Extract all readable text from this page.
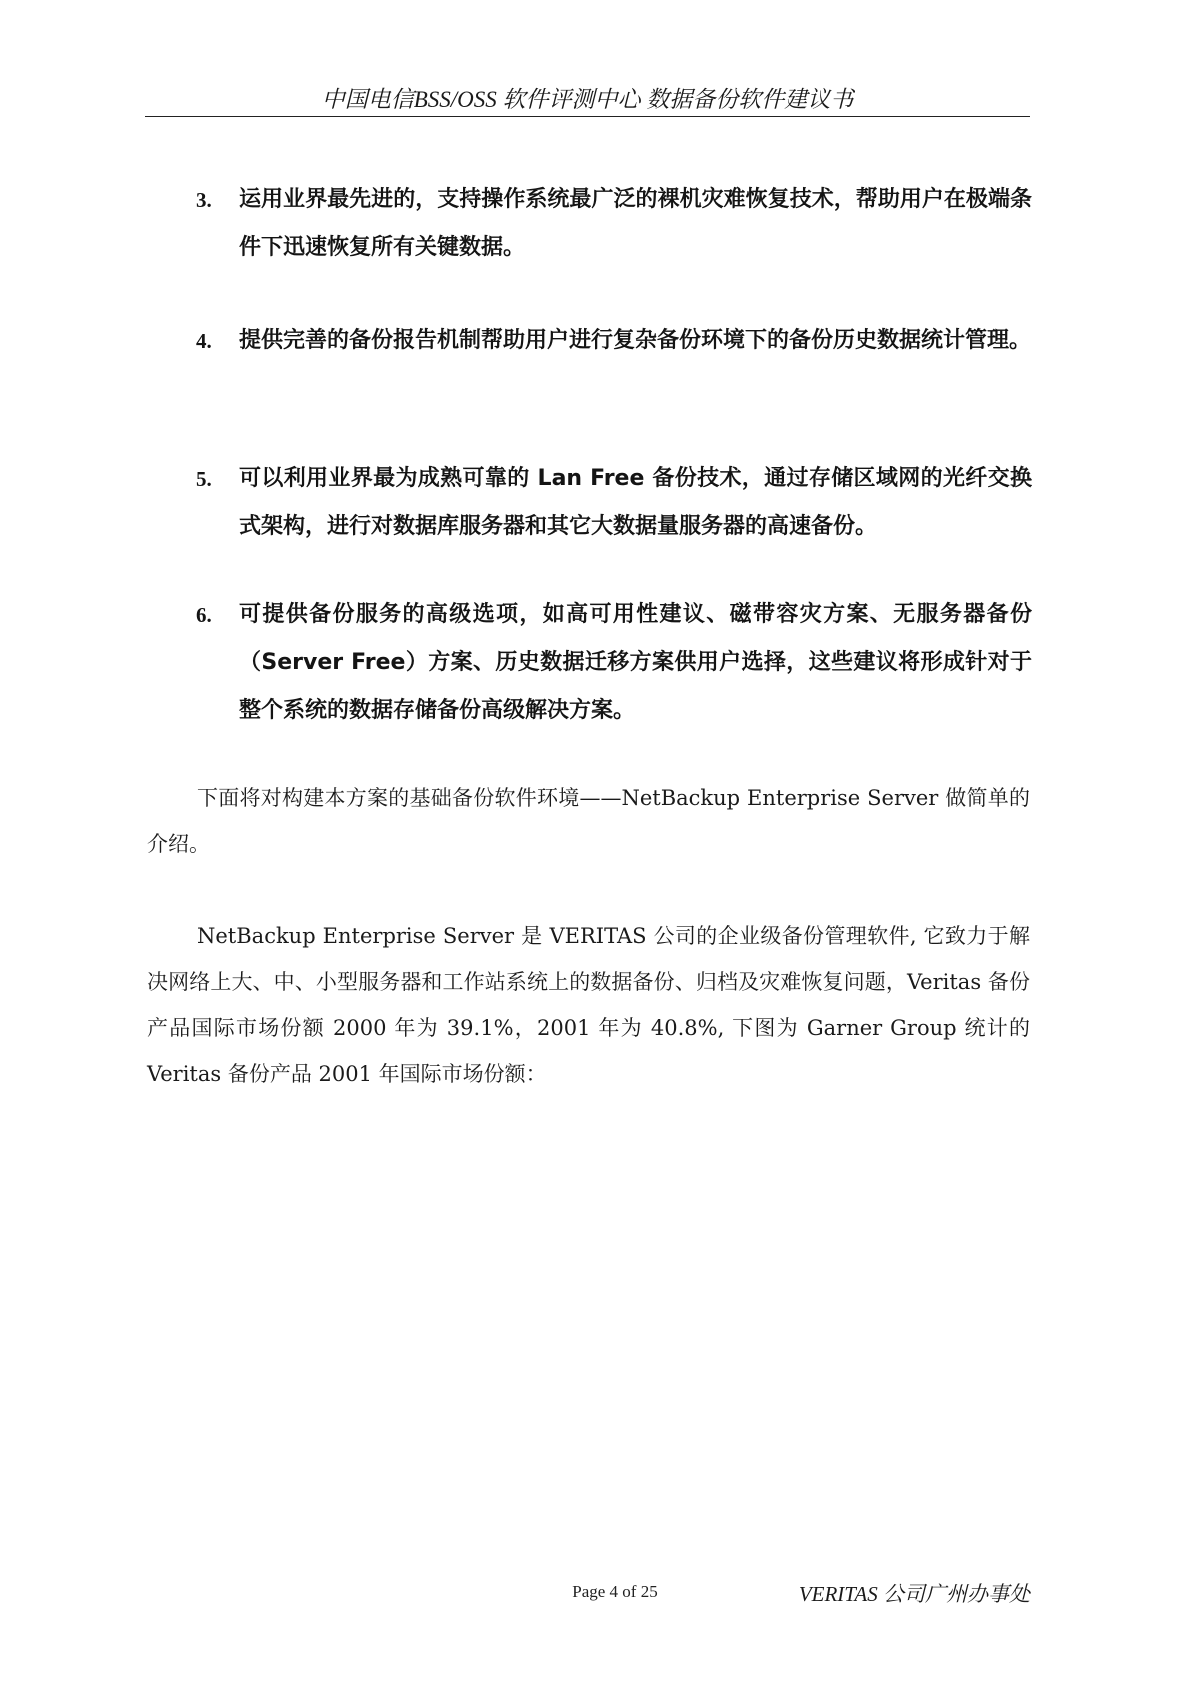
中国电信BSS/OSS 软件评测中心 数据备份软件建议书
3.	运用业界最先进的，支持操作系统最广泛的裸机灾难恢复技术，帮助用户在极端条件下迅速恢复所有关键数据。
4.	提供完善的备份报告机制帮助用户进行复杂备份环境下的备份历史数据统计管理。
5.	可以利用业界最为成熟可靠的 Lan Free 备份技术，通过存储区域网的光纤交换式架构，进行对数据库服务器和其它大数据量服务器的高速备份。
6.	可提供备份服务的高级选项，如高可用性建议、磁带容灾方案、无服务器备份（Server Free）方案、历史数据迁移方案供用户选择，这些建议将形成针对于整个系统的数据存储备份高级解决方案。
下面将对构建本方案的基础备份软件环境——NetBackup Enterprise Server 做简单的介绍。
NetBackup Enterprise Server 是 VERITAS 公司的企业级备份管理软件, 它致力于解决网络上大、中、小型服务器和工作站系统上的数据备份、归档及灾难恢复问题，Veritas 备份产品国际市场份额 2000 年为 39.1%，2001 年为 40.8%, 下图为 Garner Group 统计的 Veritas 备份产品 2001 年国际市场份额：
Page 4 of 25	VERITAS 公司广州办事处
